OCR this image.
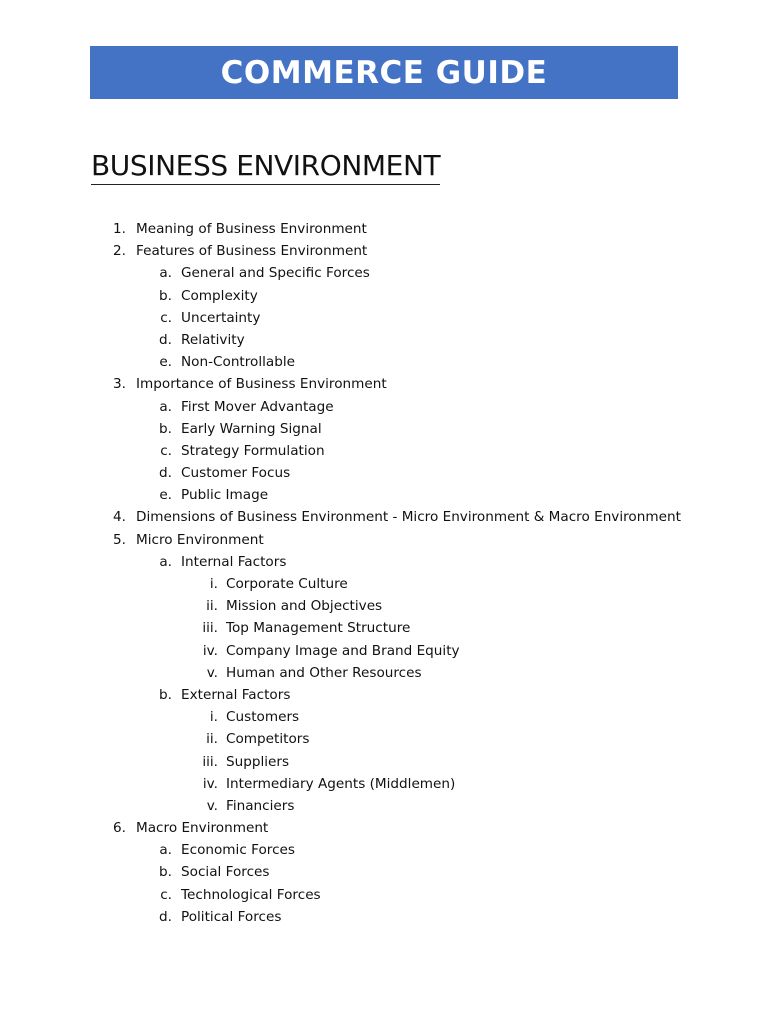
COMMERCE GUIDE
BUSINESS ENVIRONMENT
1. Meaning of Business Environment
2. Features of Business Environment
a. General and Specific Forces
b. Complexity
c. Uncertainty
d. Relativity
e. Non-Controllable
3. Importance of Business Environment
a. First Mover Advantage
b. Early Warning Signal
c. Strategy Formulation
d. Customer Focus
e. Public Image
4. Dimensions of Business Environment - Micro Environment & Macro Environment
5. Micro Environment
a. Internal Factors
i. Corporate Culture
ii. Mission and Objectives
iii. Top Management Structure
iv. Company Image and Brand Equity
v. Human and Other Resources
b. External Factors
i. Customers
ii. Competitors
iii. Suppliers
iv. Intermediary Agents (Middlemen)
v. Financiers
6. Macro Environment
a. Economic Forces
b. Social Forces
c. Technological Forces
d. Political Forces
